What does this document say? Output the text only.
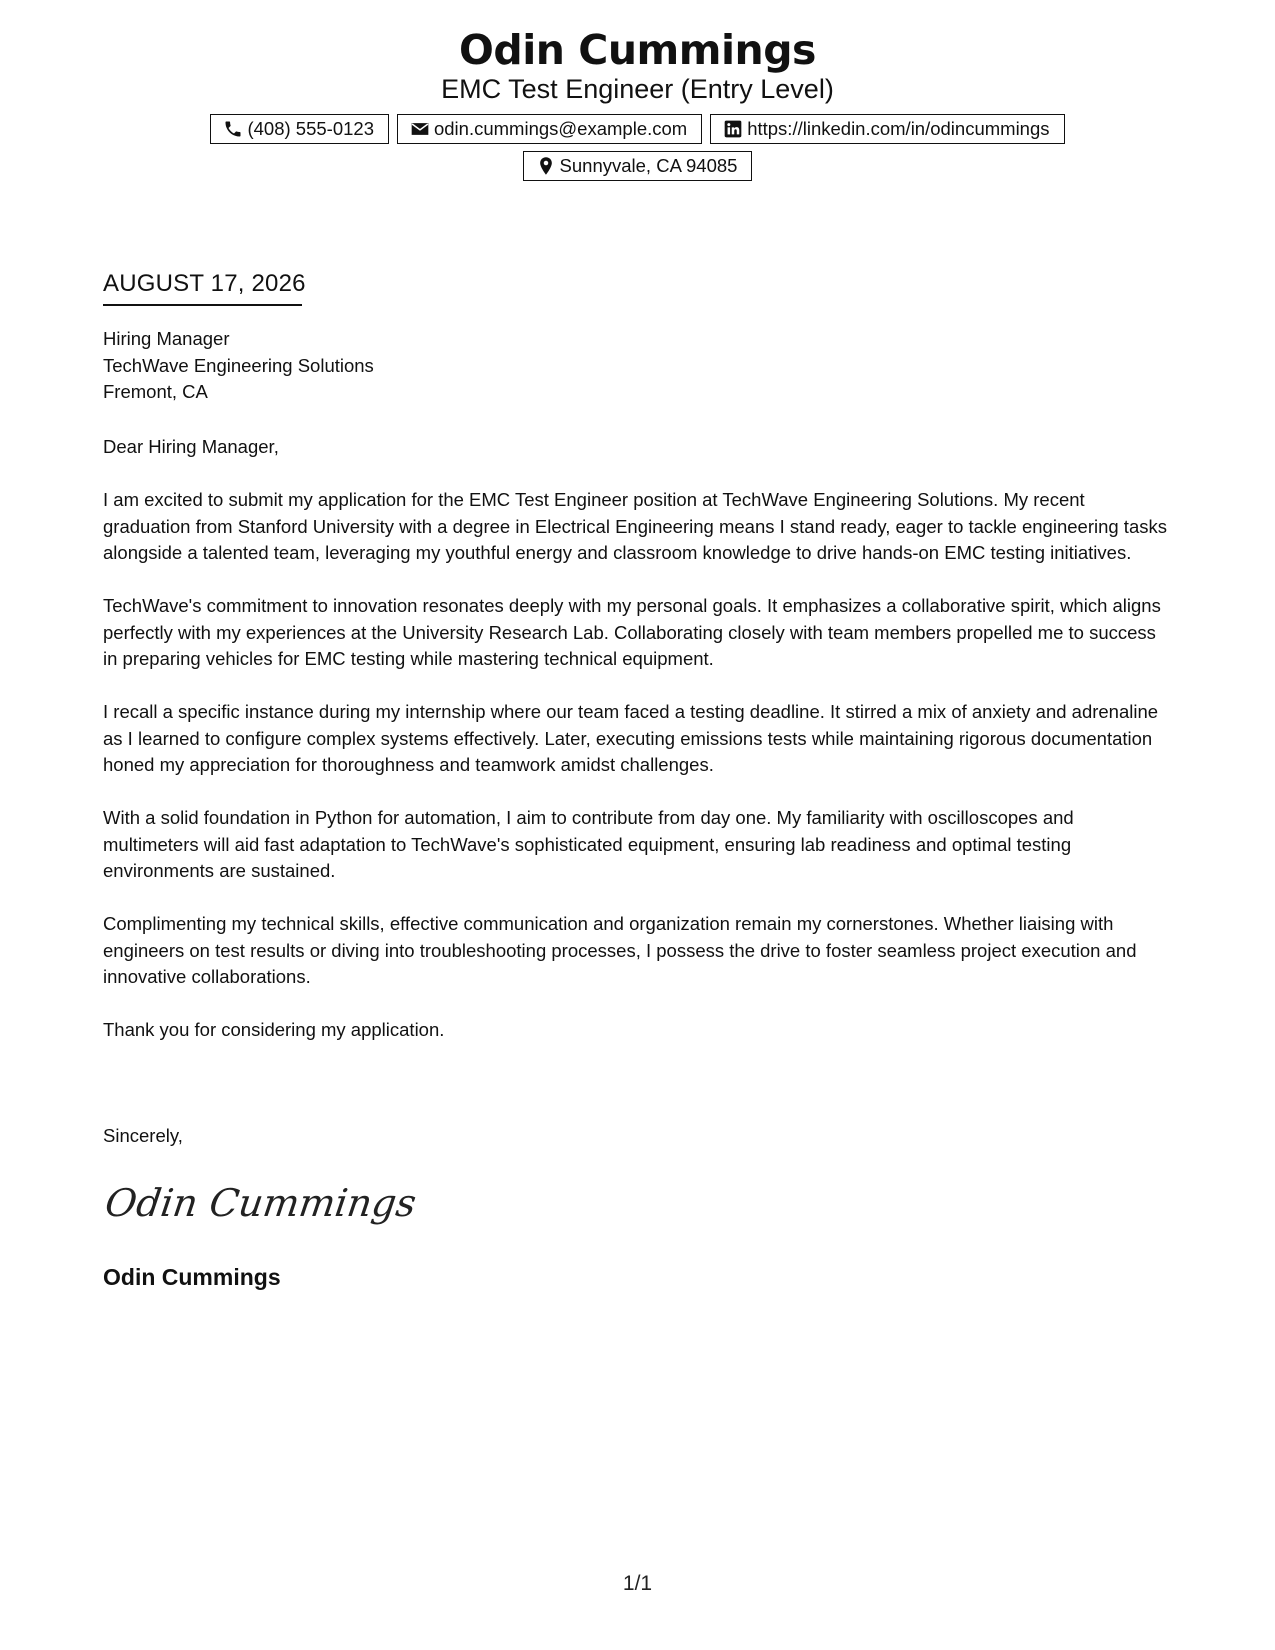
Odin Cummings
EMC Test Engineer (Entry Level)
(408) 555-0123	odin.cummings@example.com	https://linkedin.com/in/odincummings
Sunnyvale, CA 94085
AUGUST 17, 2026
Hiring Manager
TechWave Engineering Solutions
Fremont, CA
Dear Hiring Manager,

I am excited to submit my application for the EMC Test Engineer position at TechWave Engineering Solutions. My recent graduation from Stanford University with a degree in Electrical Engineering means I stand ready, eager to tackle engineering tasks alongside a talented team, leveraging my youthful energy and classroom knowledge to drive hands-on EMC testing initiatives.

TechWave's commitment to innovation resonates deeply with my personal goals. It emphasizes a collaborative spirit, which aligns perfectly with my experiences at the University Research Lab. Collaborating closely with team members propelled me to success in preparing vehicles for EMC testing while mastering technical equipment.

I recall a specific instance during my internship where our team faced a testing deadline. It stirred a mix of anxiety and adrenaline as I learned to configure complex systems effectively. Later, executing emissions tests while maintaining rigorous documentation honed my appreciation for thoroughness and teamwork amidst challenges.

With a solid foundation in Python for automation, I aim to contribute from day one. My familiarity with oscilloscopes and multimeters will aid fast adaptation to TechWave's sophisticated equipment, ensuring lab readiness and optimal testing environments are sustained.

Complimenting my technical skills, effective communication and organization remain my cornerstones. Whether liaising with engineers on test results or diving into troubleshooting processes, I possess the drive to foster seamless project execution and innovative collaborations.

Thank you for considering my application.

Sincerely,
Odin Cummings
Odin Cummings
1/1
